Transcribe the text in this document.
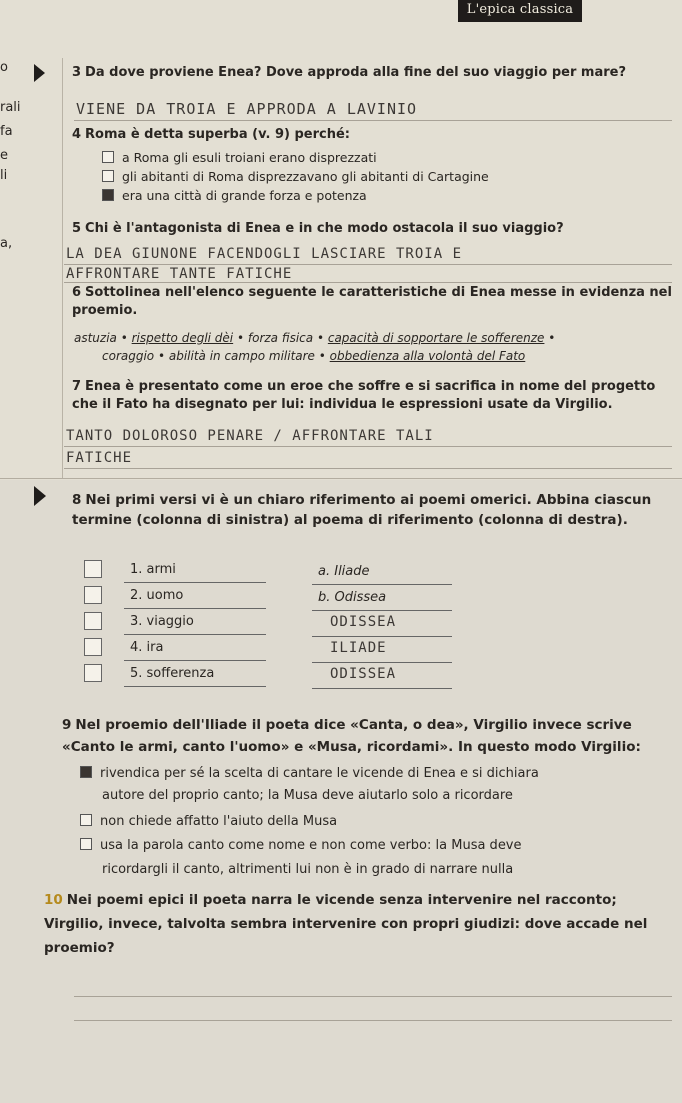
L'epica classica
o
rali
fa
e
li
a,
3 Da dove proviene Enea? Dove approda alla fine del suo viaggio per mare?
VIENE DA TROIA E APPRODA A LAVINIO
4 Roma è detta superba (v. 9) perché:
a Roma gli esuli troiani erano disprezzati
gli abitanti di Roma disprezzavano gli abitanti di Cartagine
era una città di grande forza e potenza
5 Chi è l'antagonista di Enea e in che modo ostacola il suo viaggio?
LA DEA GIUNONE FACENDOGLI LASCIARE TROIA E
AFFRONTARE TANTE FATICHE
6 Sottolinea nell'elenco seguente le caratteristiche di Enea messe in evidenza nel proemio.
astuzia • rispetto degli dèi • forza fisica • capacità di sopportare le sofferenze •
coraggio • abilità in campo militare • obbedienza alla volontà del Fato
7 Enea è presentato come un eroe che soffre e si sacrifica in nome del progetto che il Fato ha disegnato per lui: individua le espressioni usate da Virgilio.
TANTO DOLOROSO PENARE / AFFRONTARE TALI
FATICHE
8 Nei primi versi vi è un chiaro riferimento ai poemi omerici. Abbina ciascun termine (colonna di sinistra) al poema di riferimento (colonna di destra).
1. armi
2. uomo
3. viaggio
4. ira
5. sofferenza
a. Iliade
b. Odissea
ODISSEA
ILIADE
ODISSEA
9 Nel proemio dell'Iliade il poeta dice «Canta, o dea», Virgilio invece scrive «Canto le armi, canto l'uomo» e «Musa, ricordami». In questo modo Virgilio:
rivendica per sé la scelta di cantare le vicende di Enea e si dichiara
autore del proprio canto; la Musa deve aiutarlo solo a ricordare
non chiede affatto l'aiuto della Musa
usa la parola canto come nome e non come verbo: la Musa deve
ricordargli il canto, altrimenti lui non è in grado di narrare nulla
10 Nei poemi epici il poeta narra le vicende senza intervenire nel racconto; Virgilio, invece, talvolta sembra intervenire con propri giudizi: dove accade nel proemio?
